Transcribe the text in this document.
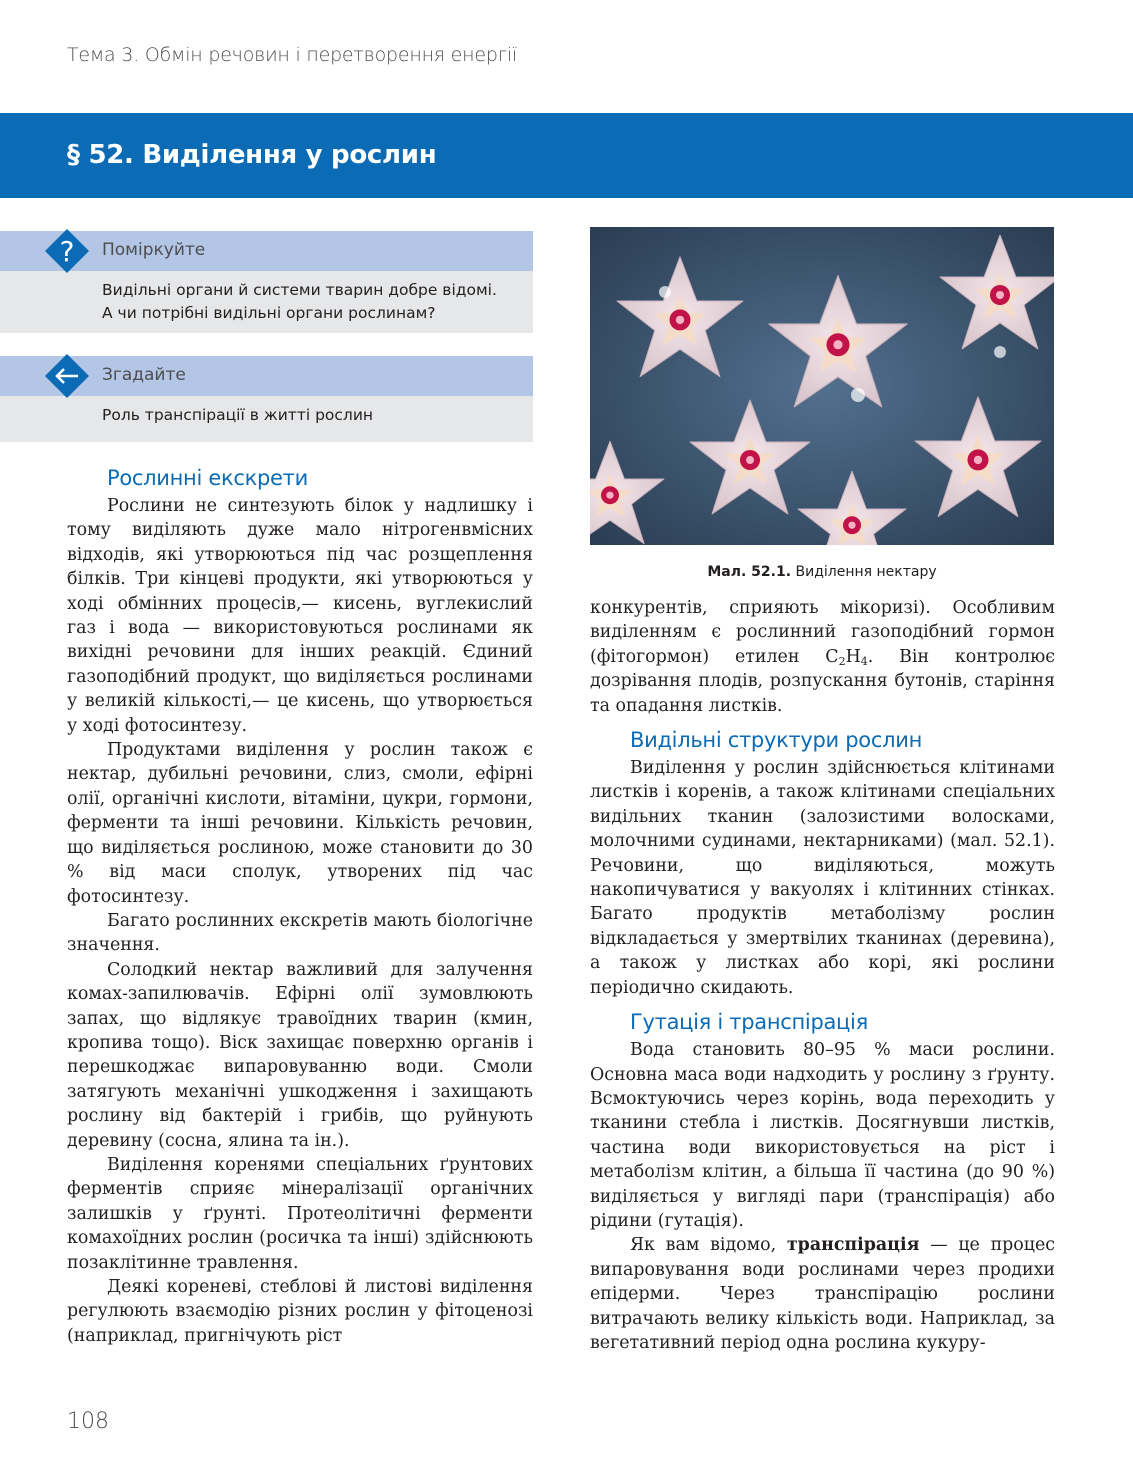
Тема 3. Обмін речовин і перетворення енергії
§ 52. Виділення у рослин
Поміркуйте
Видільні органи й системи тварин добре відомі.
А чи потрібні видільні органи рослинам?
?
Згадайте
Роль транспірації в житті рослин
Рослинні екскрети

Рослини не синтезують білок у надлишку і тому виділяють дуже мало нітрогенвмісних відходів, які утворюються під час розщеплення білків. Три кінцеві продукти, які утворюються у ході обмінних процесів,— кисень, вуглекислий газ і вода — використовуються рослинами як вихідні речовини для інших реакцій. Єдиний газоподібний продукт, що виділяється рослинами у великій кількості,— це кисень, що утворюється у ході фотосинтезу.

Продуктами виділення у рослин також є нектар, дубильні речовини, слиз, смоли, ефірні олії, органічні кислоти, вітаміни, цукри, гормони, ферменти та інші речовини. Кількість речовин, що виділяється рослиною, може становити до 30 % від маси сполук, утворених під час фотосинтезу.

Багато рослинних екскретів мають біологічне значення.

Солодкий нектар важливий для залучення комах-запилювачів. Ефірні олії зумовлюють запах, що відлякує травоїдних тварин (кмин, кропива тощо). Віск захищає поверхню органів і перешкоджає випаровуванню води. Смоли затягують механічні ушкодження і захищають рослину від бактерій і грибів, що руйнують деревину (сосна, ялина та ін.).

Виділення коренями спеціальних ґрунтових ферментів сприяє мінералізації органічних залишків у ґрунті. Протеолітичні ферменти комахоїдних рослин (росичка та інші) здійснюють позаклітинне травлення.

Деякі кореневі, стеблові й листові виділення регулюють взаємодію різних рослин у фітоценозі (наприклад, пригнічують ріст

Мал. 52.1. Виділення нектару

конкурентів, сприяють мікоризі). Особливим виділенням є рослинний газоподібний гормон (фітогормон) етилен $C_2H_4$. Він контролює дозрівання плодів, розпускання бутонів, старіння та опадання листків.

Видільні структури рослин

Виділення у рослин здійснюється клітинами листків і коренів, а також клітинами спеціальних видільних тканин (залозистими волосками, молочними судинами, нектарниками) (мал. 52.1). Речовини, що виділяються, можуть накопичуватися у вакуолях і клітинних стінках. Багато продуктів метаболізму рослин відкладається у змертвілих тканинах (деревина), а також у листках або корі, які рослини періодично скидають.

Гутація і транспірація

Вода становить 80–95 % маси рослини. Основна маса води надходить у рослину з ґрунту. Всмоктуючись через корінь, вода переходить у тканини стебла і листків. Досягнувши листків, частина води використовується на ріст і метаболізм клітин, а більша її частина (до 90 %) виділяється у вигляді пари (транспірація) або рідини (гутація).

Як вам відомо, транспірація — це процес випаровування води рослинами через продихи епідерми. Через транспірацію рослини витрачають велику кількість води. Наприклад, за вегетативний період одна рослина кукуру-

108
